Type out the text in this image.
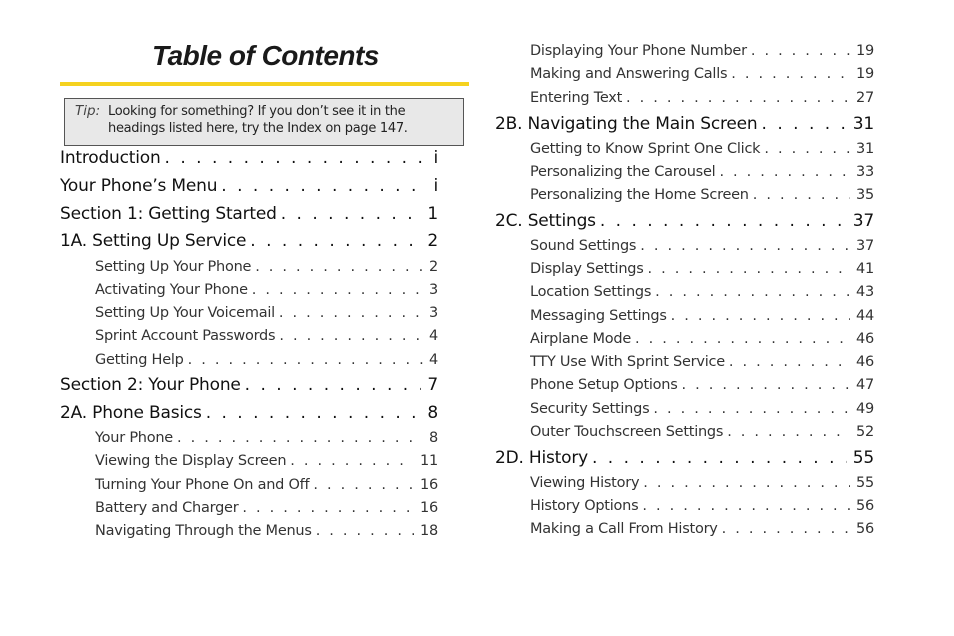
Table of Contents
Tip: Looking for something? If you don’t see it in the headings listed here, try the Index on page 147.
Introduction . . .	i
Your Phone’s Menu . . .	i
Section 1: Getting Started . . .	1
1A. Setting Up Service . . .	2
Setting Up Your Phone . . .	2
Activating Your Phone . . .	3
Setting Up Your Voicemail . . .	3
Sprint Account Passwords . . .	4
Getting Help . . .	4
Section 2: Your Phone . . .	7
2A. Phone Basics . . .	8
Your Phone . . .	8
Viewing the Display Screen . . .	11
Turning Your Phone On and Off . . .	16
Battery and Charger . . .	16
Navigating Through the Menus . . .	18
Displaying Your Phone Number . . .	19
Making and Answering Calls . . .	19
Entering Text . . .	27
2B. Navigating the Main Screen . . .	31
Getting to Know Sprint One Click . . .	31
Personalizing the Carousel . . .	33
Personalizing the Home Screen . . .	35
2C. Settings . . .	37
Sound Settings . . .	37
Display Settings . . .	41
Location Settings . . .	43
Messaging Settings . . .	44
Airplane Mode . . .	46
TTY Use With Sprint Service . . .	46
Phone Setup Options . . .	47
Security Settings . . .	49
Outer Touchscreen Settings . . .	52
2D. History . . .	55
Viewing History . . .	55
History Options . . .	56
Making a Call From History . . .	56
